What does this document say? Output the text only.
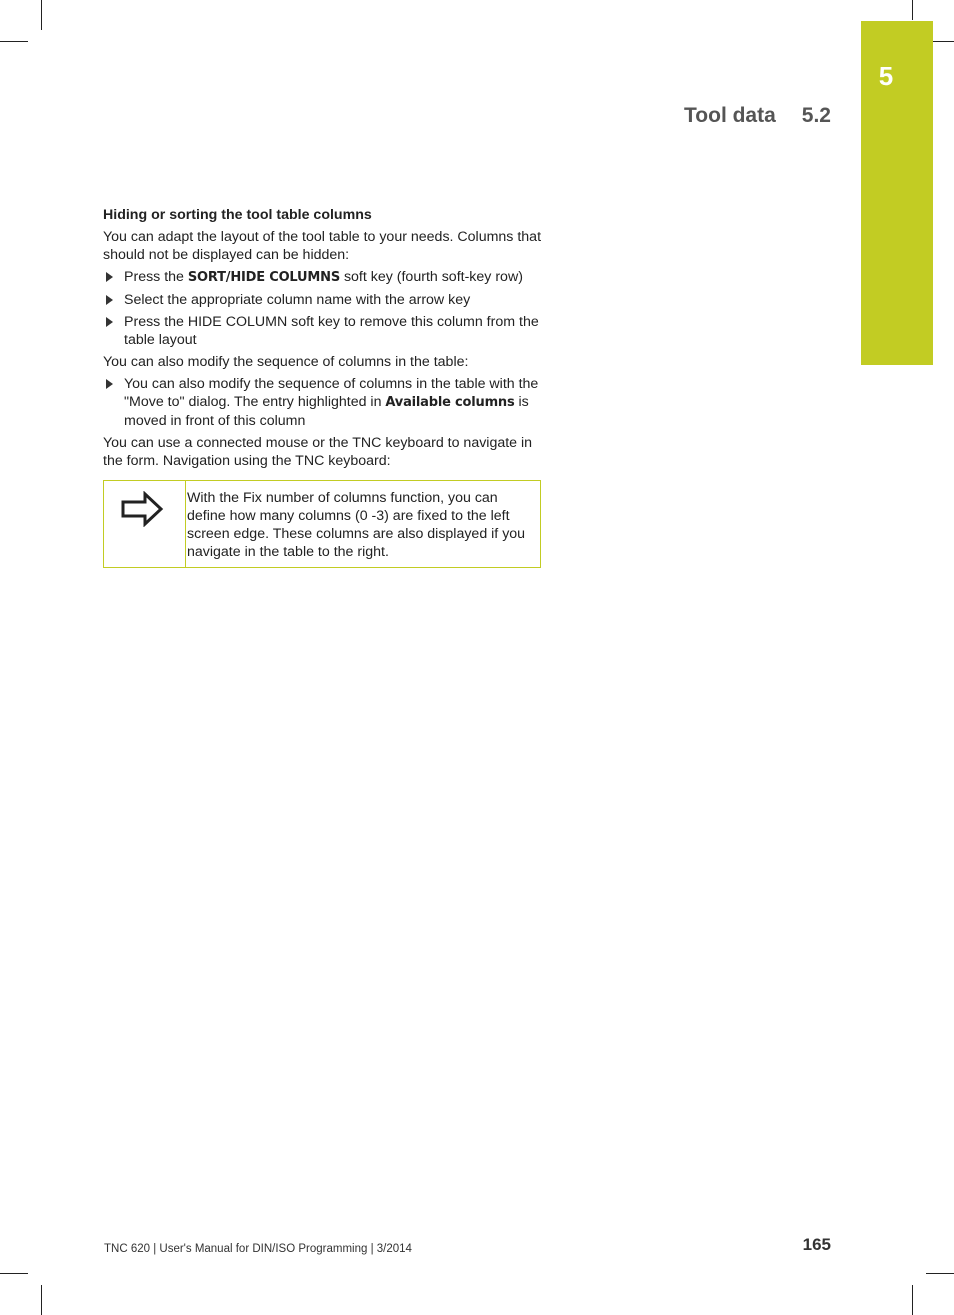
5
Tool data 5.2
Hiding or sorting the tool table columns
You can adapt the layout of the tool table to your needs. Columns that should not be displayed can be hidden:
Press the SORT/HIDE COLUMNS soft key (fourth soft-key row)
Select the appropriate column name with the arrow key
Press the HIDE COLUMN soft key to remove this column from the table layout
You can also modify the sequence of columns in the table:
You can also modify the sequence of columns in the table with the "Move to" dialog. The entry highlighted in Available columns is moved in front of this column
You can use a connected mouse or the TNC keyboard to navigate in the form. Navigation using the TNC keyboard:
With the Fix number of columns function, you can define how many columns (0 -3) are fixed to the left screen edge. These columns are also displayed if you navigate in the table to the right.
TNC 620 | User's Manual for DIN/ISO Programming | 3/2014	165
